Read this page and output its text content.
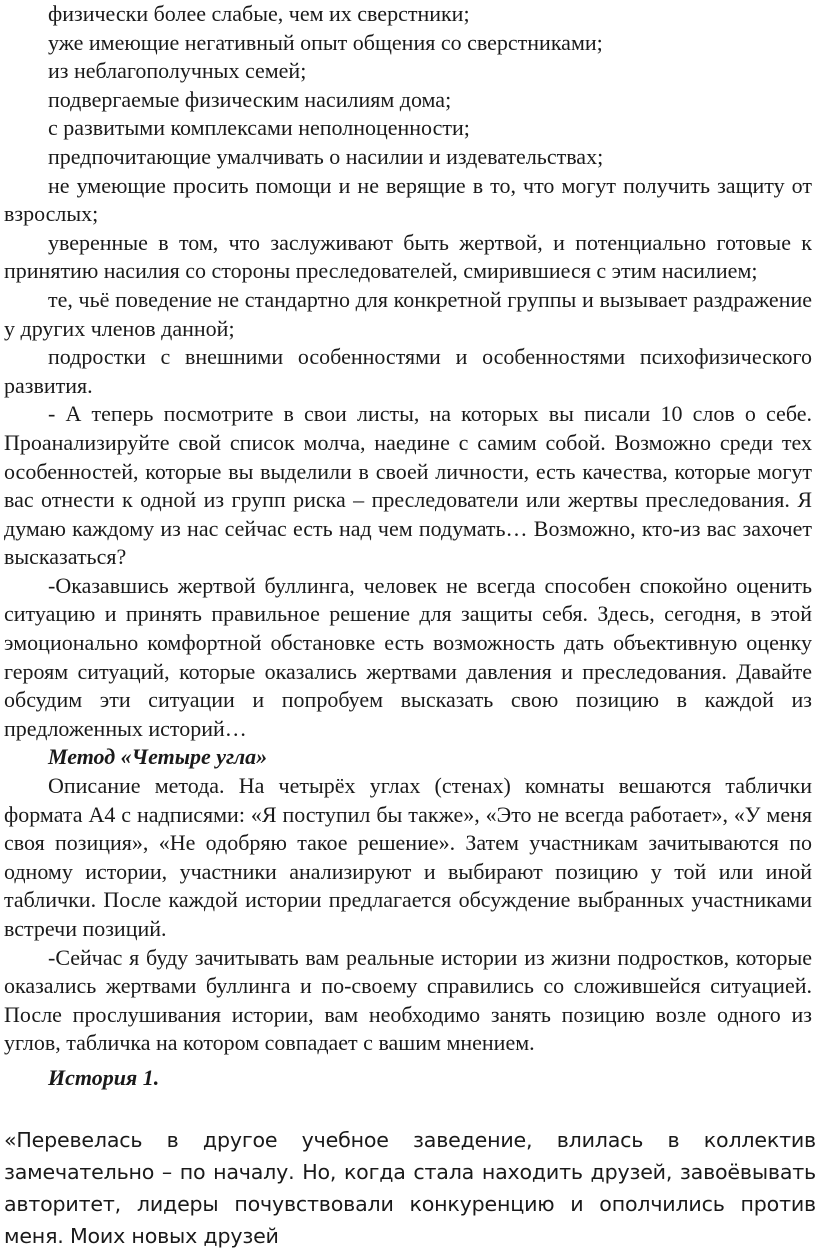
физически более слабые, чем их сверстники;

уже имеющие негативный опыт общения со сверстниками;

из неблагополучных семей;

подвергаемые физическим насилиям дома;

с развитыми комплексами неполноценности;

предпочитающие умалчивать о насилии и издевательствах;

не умеющие просить помощи и не верящие в то, что могут получить защиту от взрослых;

уверенные в том, что заслуживают быть жертвой, и потенциально готовые к принятию насилия со стороны преследователей, смирившиеся с этим насилием;

те, чьё поведение не стандартно для конкретной группы и вызывает раздражение у других членов данной;

подростки с внешними особенностями и особенностями психофизического развития.

- А теперь посмотрите в свои листы, на которых вы писали 10 слов о себе. Проанализируйте свой список молча, наедине с самим собой. Возможно среди тех особенностей, которые вы выделили в своей личности, есть качества, которые могут вас отнести к одной из групп риска – преследователи или жертвы преследования. Я думаю каждому из нас сейчас есть над чем подумать… Возможно, кто-из вас захочет высказаться?

-Оказавшись жертвой буллинга, человек не всегда способен спокойно оценить ситуацию и принять правильное решение для защиты себя. Здесь, сегодня, в этой эмоционально комфортной обстановке есть возможность дать объективную оценку героям ситуаций, которые оказались жертвами давления и преследования. Давайте обсудим эти ситуации и попробуем высказать свою позицию в каждой из предложенных историй…

Метод «Четыре угла»

Описание метода. На четырёх углах (стенах) комнаты вешаются таблички формата А4 с надписями: «Я поступил бы также», «Это не всегда работает», «У меня своя позиция», «Не одобряю такое решение». Затем участникам зачитываются по одному истории, участники анализируют и выбирают позицию у той или иной таблички. После каждой истории предлагается обсуждение выбранных участниками встречи позиций.

-Сейчас я буду зачитывать вам реальные истории из жизни подростков, которые оказались жертвами буллинга и по-своему справились со сложившейся ситуацией. После прослушивания истории, вам необходимо занять позицию возле одного из углов, табличка на котором совпадает с вашим мнением.

История 1.

«Перевелась в другое учебное заведение, влилась в коллектив замечательно – по началу. Но, когда стала находить друзей, завоёвывать авторитет, лидеры почувствовали конкуренцию и ополчились против меня. Моих новых друзей
